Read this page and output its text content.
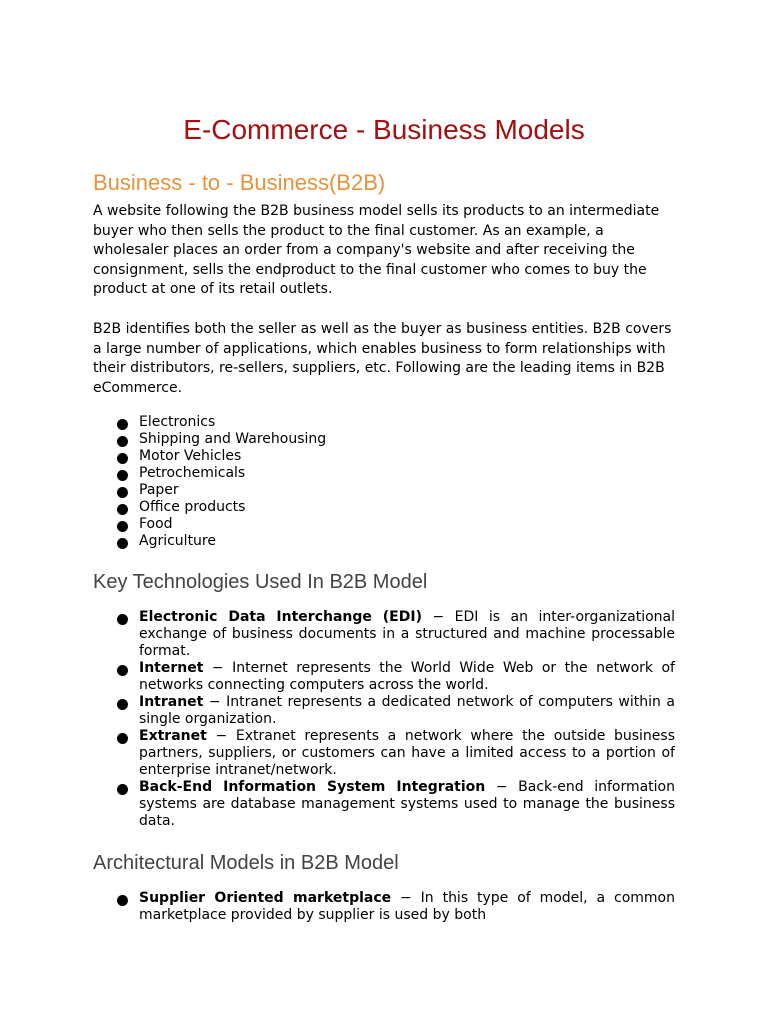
E-Commerce - Business Models
Business - to - Business(B2B)

A website following the B2B business model sells its products to an intermediate buyer who then sells the product to the final customer. As an example, a wholesaler places an order from a company's website and after receiving the consignment, sells the endproduct to the final customer who comes to buy the product at one of its retail outlets.

B2B identifies both the seller as well as the buyer as business entities. B2B covers a large number of applications, which enables business to form relationships with their distributors, re-sellers, suppliers, etc. Following are the leading items in B2B eCommerce.

Electronics
Shipping and Warehousing
Motor Vehicles
Petrochemicals
Paper
Office products
Food
Agriculture
Key Technologies Used In B2B Model
Electronic Data Interchange (EDI) − EDI is an inter-organizational exchange of business documents in a structured and machine processable format.
Internet − Internet represents the World Wide Web or the network of networks connecting computers across the world.
Intranet − Intranet represents a dedicated network of computers within a single organization.
Extranet − Extranet represents a network where the outside business partners, suppliers, or customers can have a limited access to a portion of enterprise intranet/network.
Back-End Information System Integration − Back-end information systems are database management systems used to manage the business data.
Architectural Models in B2B Model
Supplier Oriented marketplace − In this type of model, a common marketplace provided by supplier is used by both
